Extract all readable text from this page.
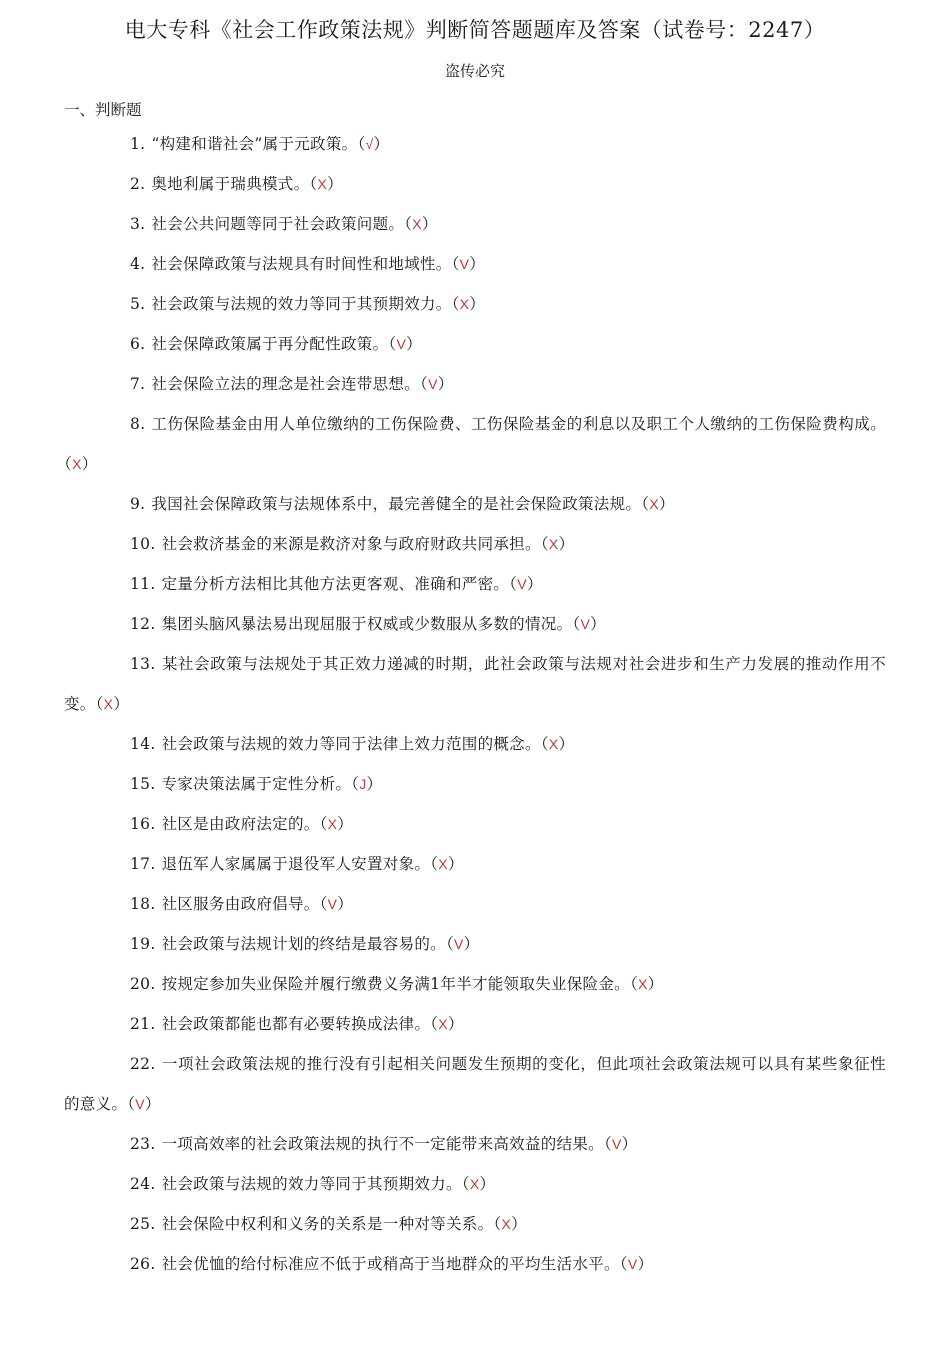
电大专科《社会工作政策法规》判断简答题题库及答案（试卷号：2247）
盗传必究
一、判断题
1. “构建和谐社会”属于元政策。（√）
2. 奥地利属于瑞典模式。（X）
3. 社会公共问题等同于社会政策问题。（X）
4. 社会保障政策与法规具有时间性和地域性。（V）
5. 社会政策与法规的效力等同于其预期效力。（X）
6. 社会保障政策属于再分配性政策。（V）
7. 社会保险立法的理念是社会连带思想。（V）
8. 工伤保险基金由用人单位缴纳的工伤保险费、工伤保险基金的利息以及职工个人缴纳的工伤保险费构成。（X）
9. 我国社会保障政策与法规体系中，最完善健全的是社会保险政策法规。（X）
10. 社会救济基金的来源是救济对象与政府财政共同承担。（X）
11. 定量分析方法相比其他方法更客观、准确和严密。（V）
12. 集团头脑风暴法易出现屈服于权威或少数服从多数的情况。（V）
13. 某社会政策与法规处于其正效力递减的时期，此社会政策与法规对社会进步和生产力发展的推动作用不变。（X）
14. 社会政策与法规的效力等同于法律上效力范围的概念。（X）
15. 专家决策法属于定性分析。（J）
16. 社区是由政府法定的。（X）
17. 退伍军人家属属于退役军人安置对象。（X）
18. 社区服务由政府倡导。（V）
19. 社会政策与法规计划的终结是最容易的。（V）
20. 按规定参加失业保险并履行缴费义务满1年半才能领取失业保险金。（X）
21. 社会政策都能也都有必要转换成法律。（X）
22. 一项社会政策法规的推行没有引起相关问题发生预期的变化，但此项社会政策法规可以具有某些象征性的意义。（V）
23. 一项高效率的社会政策法规的执行不一定能带来高效益的结果。（V）
24. 社会政策与法规的效力等同于其预期效力。（X）
25. 社会保险中权利和义务的关系是一种对等关系。（X）
26. 社会优恤的给付标准应不低于或稍高于当地群众的平均生活水平。（V）
